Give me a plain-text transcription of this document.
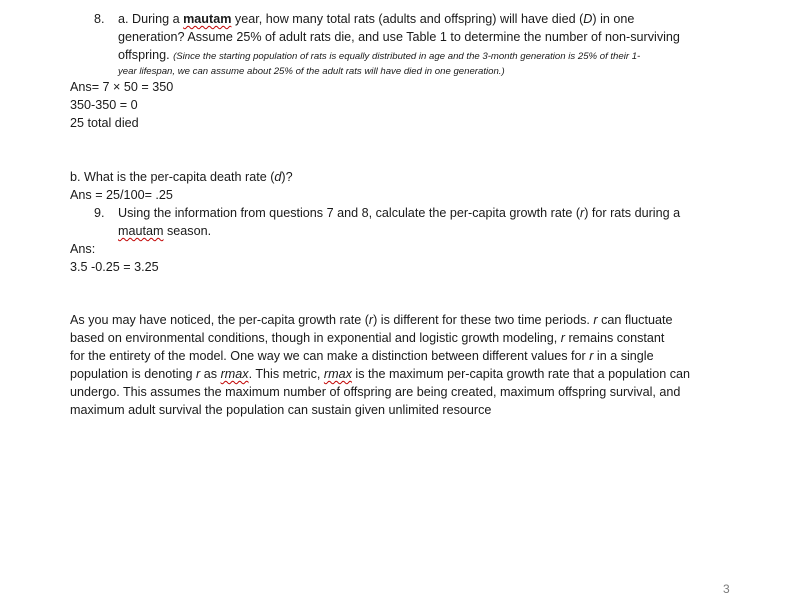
8. a. During a mautam year, how many total rats (adults and offspring) will have died (D) in one
generation? Assume 25% of adult rats die, and use Table 1 to determine the number of non-surviving
offspring. (Since the starting population of rats is equally distributed in age and the 3-month generation is 25% of their 1-
year lifespan, we can assume about 25% of the adult rats will have died in one generation.)
Ans= 7 × 50 = 350
350-350 = 0
25 total died
b. What is the per-capita death rate (d)?
Ans = 25/100= .25
9. Using the information from questions 7 and 8, calculate the per-capita growth rate (r) for rats during a
mautam season.
Ans:
3.5 -0.25 = 3.25
As you may have noticed, the per-capita growth rate (r) is different for these two time periods. r can fluctuate
based on environmental conditions, though in exponential and logistic growth modeling, r remains constant
for the entirety of the model. One way we can make a distinction between different values for r in a single
population is denoting r as rmax. This metric, rmax is the maximum per-capita growth rate that a population can
undergo. This assumes the maximum number of offspring are being created, maximum offspring survival, and
maximum adult survival the population can sustain given unlimited resource
3
